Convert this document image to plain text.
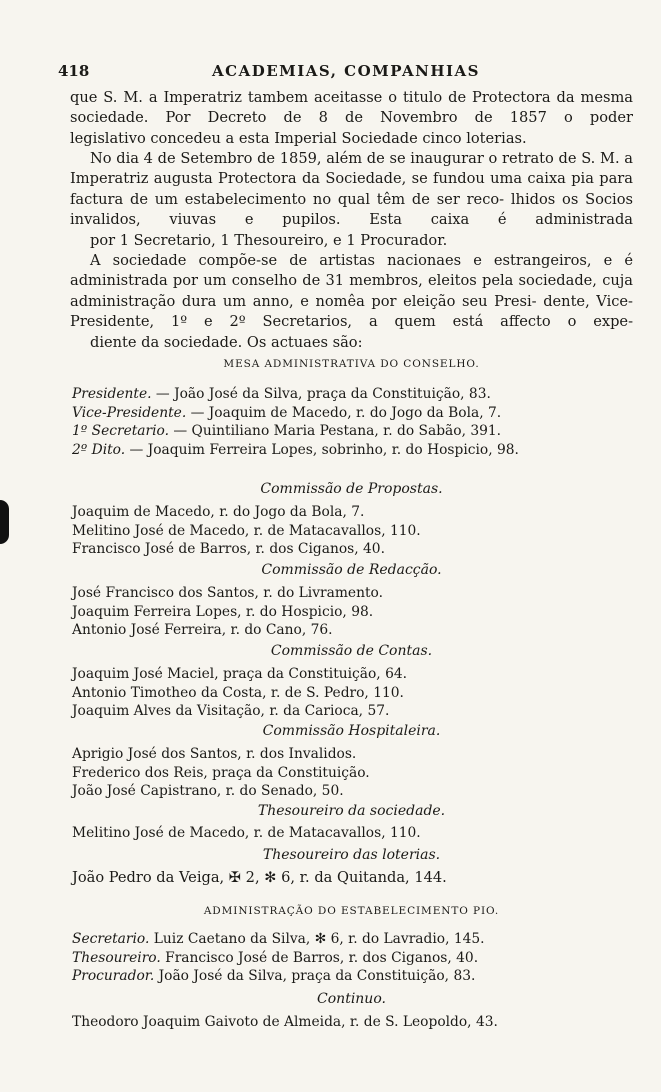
418	ACADEMIAS, COMPANHIAS

que S. M. a Imperatriz tambem aceitasse o titulo de Protectora da mesma sociedade. Por Decreto de 8 de Novembro de 1857 o poder
legislativo concedeu a esta Imperial Sociedade cinco loterias.

No dia 4 de Setembro de 1859, além de se inaugurar o retrato de S. M. a Imperatriz augusta Protectora da Sociedade, se fundou uma caixa pia para factura de um estabelecimento no qual têm de ser reco- lhidos os Socios invalidos, viuvas e pupilos. Esta caixa é administrada
por 1 Secretario, 1 Thesoureiro, e 1 Procurador.

A sociedade compõe-se de artistas nacionaes e estrangeiros, e é administrada por um conselho de 31 membros, eleitos pela sociedade, cuja administração dura um anno, e nomêa por eleição seu Presi- dente, Vice-Presidente, 1º e 2º Secretarios, a quem está affecto o expe-
diente da sociedade. Os actuaes são:

MESA ADMINISTRATIVA DO CONSELHO.
Presidente. — João José da Silva, praça da Constituição, 83.
Vice-Presidente. — Joaquim de Macedo, r. do Jogo da Bola, 7.
1º Secretario. — Quintiliano Maria Pestana, r. do Sabão, 391.
2º Dito. — Joaquim Ferreira Lopes, sobrinho, r. do Hospicio, 98.
Commissão de Propostas.
Joaquim de Macedo, r. do Jogo da Bola, 7.
Melitino José de Macedo, r. de Matacavallos, 110.
Francisco José de Barros, r. dos Ciganos, 40.
Commissão de Redacção.
José Francisco dos Santos, r. do Livramento.
Joaquim Ferreira Lopes, r. do Hospicio, 98.
Antonio José Ferreira, r. do Cano, 76.
Commissão de Contas.
Joaquim José Maciel, praça da Constituição, 64.
Antonio Timotheo da Costa, r. de S. Pedro, 110.
Joaquim Alves da Visitação, r. da Carioca, 57.
Commissão Hospitaleira.
Aprigio José dos Santos, r. dos Invalidos.
Frederico dos Reis, praça da Constituição.
João José Capistrano, r. do Senado, 50.
Thesoureiro da sociedade.
Melitino José de Macedo, r. de Matacavallos, 110.
Thesoureiro das loterias.
João Pedro da Veiga, ✠ 2, ✻ 6, r. da Quitanda, 144.
ADMINISTRAÇÃO DO ESTABELECIMENTO PIO.
Secretario. Luiz Caetano da Silva, ✻ 6, r. do Lavradio, 145.
Thesoureiro. Francisco José de Barros, r. dos Ciganos, 40.
Procurador. João José da Silva, praça da Constituição, 83.
Continuo.
Theodoro Joaquim Gaivoto de Almeida, r. de S. Leopoldo, 43.
